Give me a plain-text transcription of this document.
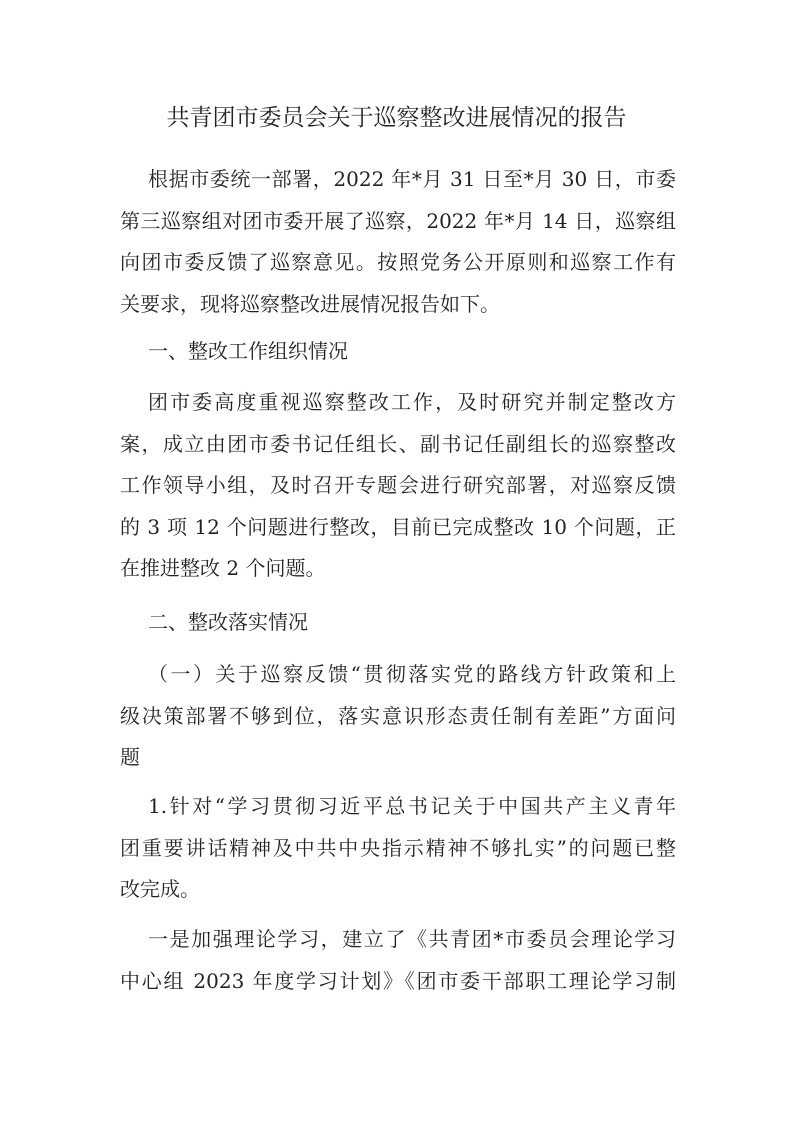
共青团市委员会关于巡察整改进展情况的报告
根据市委统一部署，2022 年*月 31 日至*月 30 日，市委
第三巡察组对团市委开展了巡察，2022 年*月 14 日，巡察组
向团市委反馈了巡察意见。按照党务公开原则和巡察工作有
关要求，现将巡察整改进展情况报告如下。
一、整改工作组织情况
团市委高度重视巡察整改工作，及时研究并制定整改方
案，成立由团市委书记任组长、副书记任副组长的巡察整改
工作领导小组，及时召开专题会进行研究部署，对巡察反馈
的 3 项 12 个问题进行整改，目前已完成整改 10 个问题，正
在推进整改 2 个问题。
二、整改落实情况
（一）关于巡察反馈“贯彻落实党的路线方针政策和上
级决策部署不够到位，落实意识形态责任制有差距”方面问
题
1.针对“学习贯彻习近平总书记关于中国共产主义青年
团重要讲话精神及中共中央指示精神不够扎实”的问题已整
改完成。
一是加强理论学习，建立了《共青团*市委员会理论学习
中心组 2023 年度学习计划》《团市委干部职工理论学习制
